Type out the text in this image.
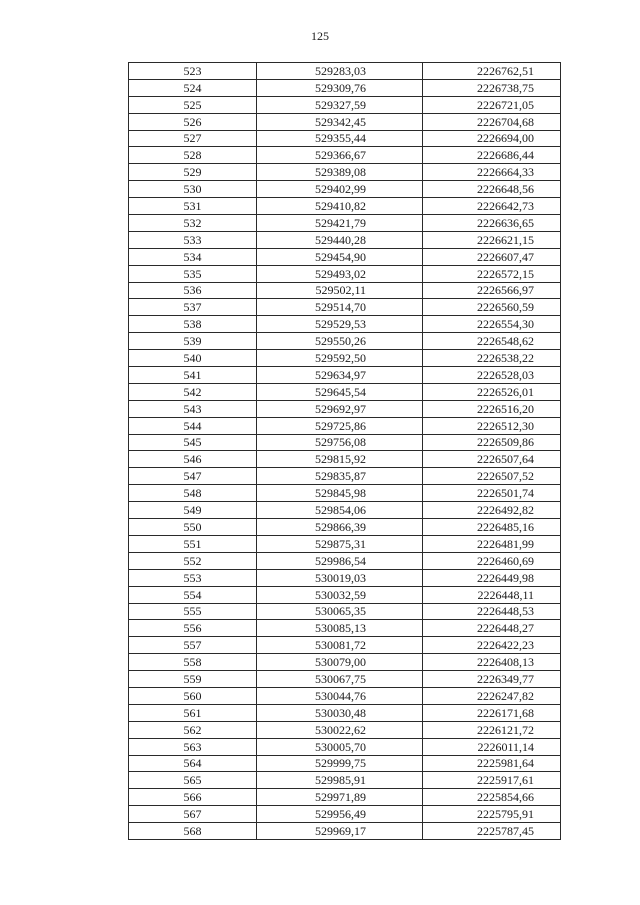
125
523	529283,03	2226762,51
524	529309,76	2226738,75
525	529327,59	2226721,05
526	529342,45	2226704,68
527	529355,44	2226694,00
528	529366,67	2226686,44
529	529389,08	2226664,33
530	529402,99	2226648,56
531	529410,82	2226642,73
532	529421,79	2226636,65
533	529440,28	2226621,15
534	529454,90	2226607,47
535	529493,02	2226572,15
536	529502,11	2226566,97
537	529514,70	2226560,59
538	529529,53	2226554,30
539	529550,26	2226548,62
540	529592,50	2226538,22
541	529634,97	2226528,03
542	529645,54	2226526,01
543	529692,97	2226516,20
544	529725,86	2226512,30
545	529756,08	2226509,86
546	529815,92	2226507,64
547	529835,87	2226507,52
548	529845,98	2226501,74
549	529854,06	2226492,82
550	529866,39	2226485,16
551	529875,31	2226481,99
552	529986,54	2226460,69
553	530019,03	2226449,98
554	530032,59	2226448,11
555	530065,35	2226448,53
556	530085,13	2226448,27
557	530081,72	2226422,23
558	530079,00	2226408,13
559	530067,75	2226349,77
560	530044,76	2226247,82
561	530030,48	2226171,68
562	530022,62	2226121,72
563	530005,70	2226011,14
564	529999,75	2225981,64
565	529985,91	2225917,61
566	529971,89	2225854,66
567	529956,49	2225795,91
568	529969,17	2225787,45
